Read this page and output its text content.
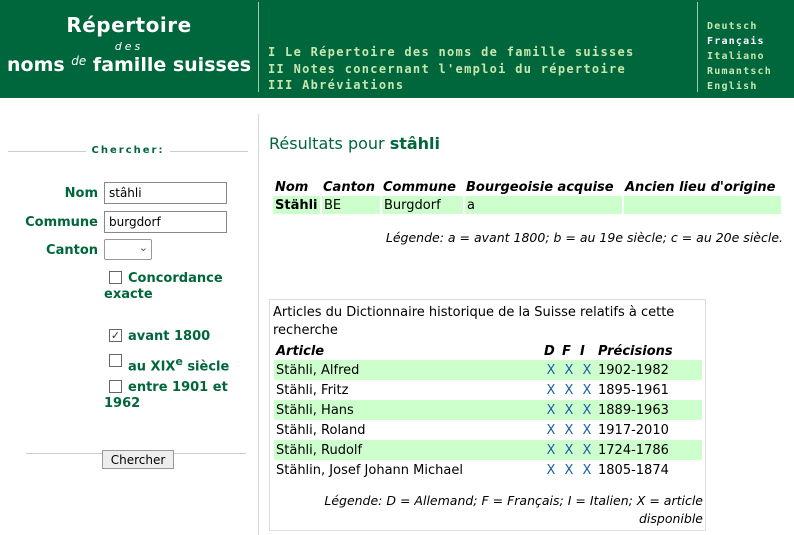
Répertoire
des
noms $^{de}$ famille suisses
I Le Répertoire des noms de famille suisses
II Notes concernant l'emploi du répertoire
III Abréviations
Deutsch
Français
Italiano
Rumantsch
English
Chercher:
Nom
stâhli
Commune
burgdorf
Canton	⌄
Concordance exacte
✓ avant 1800
au XIXe siècle
entre 1901 et 1962
Chercher
Résultats pour stâhli
Nom	Canton	Commune	Bourgeoisie acquise	Ancien lieu d'origine
Stähli	BE	Burgdorf	a	
Légende: a = avant 1800; b = au 19e siècle; c = au 20e siècle.
Articles du Dictionnaire historique de la Suisse relatifs à cette recherche
Article	D	F	I	Précisions
Stähli, Alfred	X	X	X	1902-1982
Stähli, Fritz	X	X	X	1895-1961
Stähli, Hans	X	X	X	1889-1963
Stähli, Roland	X	X	X	1917-2010
Stähli, Rudolf	X	X	X	1724-1786
Stählin, Josef Johann Michael	X	X	X	1805-1874
Légende: D = Allemand; F = Français; I = Italien; X = article disponible
